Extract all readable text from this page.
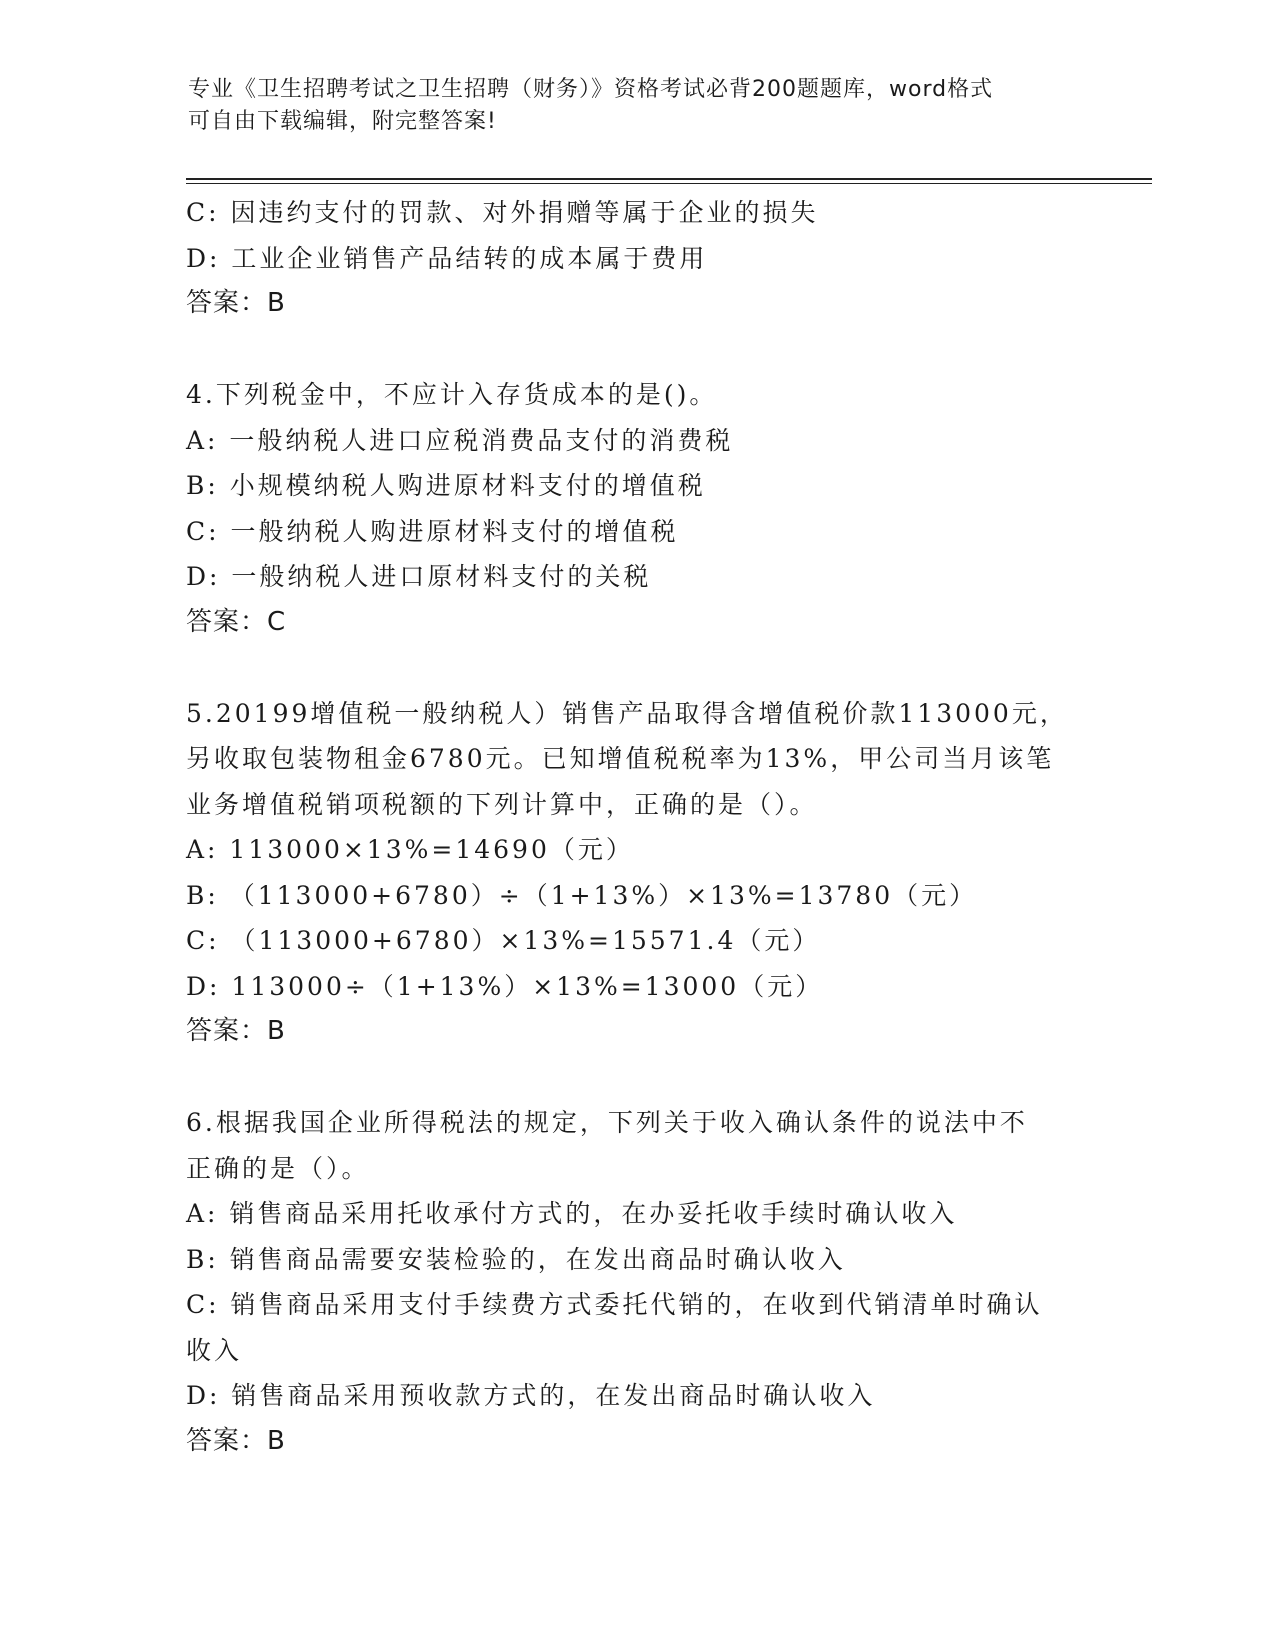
专业《卫生招聘考试之卫生招聘（财务）》资格考试必背200题题库，word格式
可自由下载编辑，附完整答案!
C: 因违约支付的罚款、对外捐赠等属于企业的损失
D: 工业企业销售产品结转的成本属于费用
答案：B
4.下列税金中，不应计入存货成本的是()。
A: 一般纳税人进口应税消费品支付的消费税
B: 小规模纳税人购进原材料支付的增值税
C: 一般纳税人购进原材料支付的增值税
D: 一般纳税人进口原材料支付的关税
答案：C
5.20199增值税一般纳税人）销售产品取得含增值税价款113000元，
另收取包装物租金6780元。已知增值税税率为13%，甲公司当月该笔
业务增值税销项税额的下列计算中，正确的是（）。
A: 113000×13%=14690（元）
B: （113000+6780）÷（1+13%）×13%=13780（元）
C: （113000+6780）×13%=15571.4（元）
D: 113000÷（1+13%）×13%=13000（元）
答案：B
6.根据我国企业所得税法的规定，下列关于收入确认条件的说法中不
正确的是（）。
A: 销售商品采用托收承付方式的，在办妥托收手续时确认收入
B: 销售商品需要安装检验的，在发出商品时确认收入
C: 销售商品采用支付手续费方式委托代销的，在收到代销清单时确认
收入
D: 销售商品采用预收款方式的，在发出商品时确认收入
答案：B
